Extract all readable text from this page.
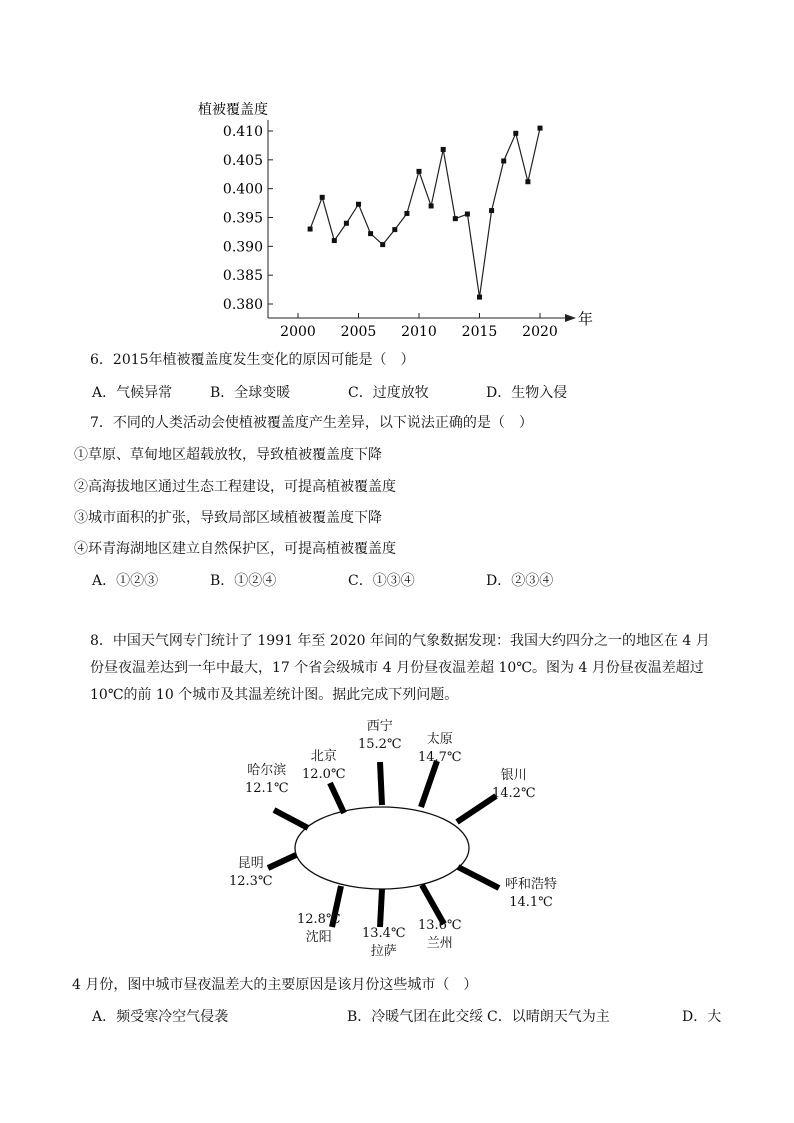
植被覆盖度
年
0.410
0.405
0.400
0.395
0.390
0.385
0.380
2000 2005 2010 2015 2020
6．2015年植被覆盖度发生变化的原因可能是（　）
A．气候异常	B．全球变暖	C．过度放牧	D．生物入侵
7．不同的人类活动会使植被覆盖度产生差异，以下说法正确的是（　）
①草原、草甸地区超载放牧，导致植被覆盖度下降
②高海拔地区通过生态工程建设，可提高植被覆盖度
③城市面积的扩张，导致局部区域植被覆盖度下降
④环青海湖地区建立自然保护区，可提高植被覆盖度
A．①②③	B．①②④	C．①③④	D．②③④
8．中国天气网专门统计了 1991 年至 2020 年间的气象数据发现：我国大约四分之一的地区在 4 月份昼夜温差达到一年中最大，17 个省会级城市 4 月份昼夜温差超 10℃。图为 4 月份昼夜温差超过 10℃的前 10 个城市及其温差统计图。据此完成下列问题。
西宁
15.2℃	太原
14.7℃
银川
14.2℃
呼和浩特
14.1℃
13.6℃
兰州
13.4℃
拉萨
12.8℃
沈阳
昆明
12.3℃
哈尔滨
12.1℃
北京
12.0℃
4 月份，图中城市昼夜温差大的主要原因是该月份这些城市（　）
A．频受寒冷空气侵袭	B．冷暖气团在此交绥 C．以晴朗天气为主	D．大
